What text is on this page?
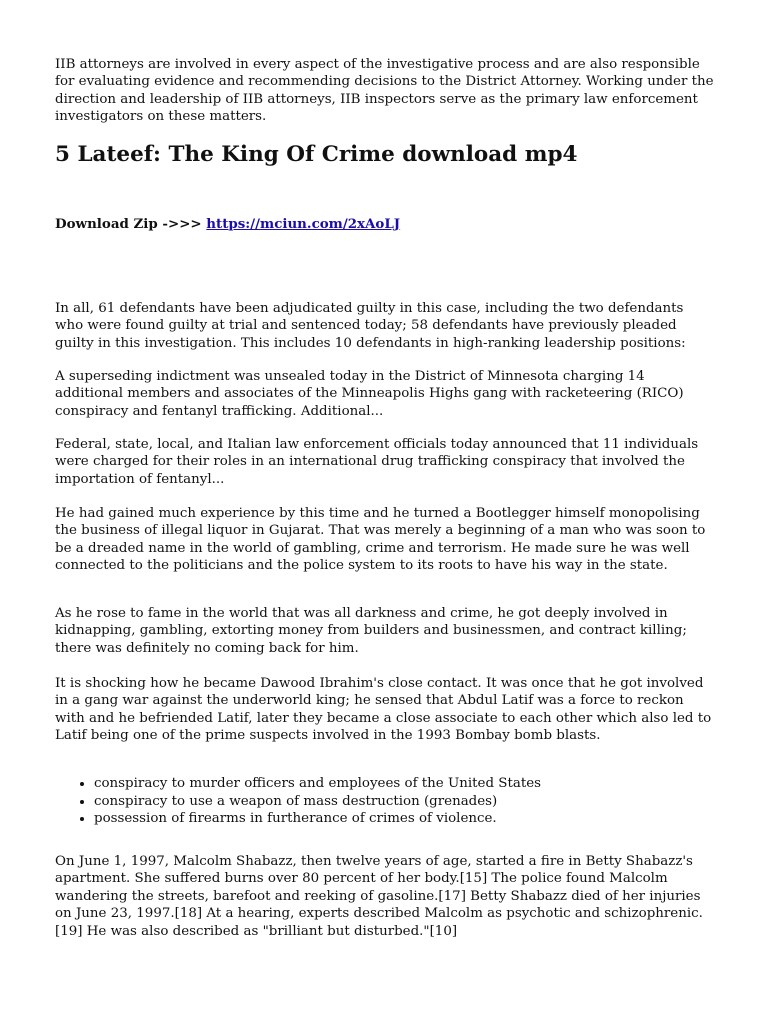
IIB attorneys are involved in every aspect of the investigative process and are also responsible for evaluating evidence and recommending decisions to the District Attorney. Working under the direction and leadership of IIB attorneys, IIB inspectors serve as the primary law enforcement investigators on these matters.

5 Lateef: The King Of Crime download mp4
Download Zip ->>> https://mciun.com/2xAoLJ

In all, 61 defendants have been adjudicated guilty in this case, including the two defendants who were found guilty at trial and sentenced today; 58 defendants have previously pleaded guilty in this investigation. This includes 10 defendants in high-ranking leadership positions:

A superseding indictment was unsealed today in the District of Minnesota charging 14 additional members and associates of the Minneapolis Highs gang with racketeering (RICO) conspiracy and fentanyl trafficking. Additional...

Federal, state, local, and Italian law enforcement officials today announced that 11 individuals were charged for their roles in an international drug trafficking conspiracy that involved the importation of fentanyl...

He had gained much experience by this time and he turned a Bootlegger himself monopolising the business of illegal liquor in Gujarat. That was merely a beginning of a man who was soon to be a dreaded name in the world of gambling, crime and terrorism. He made sure he was well connected to the politicians and the police system to its roots to have his way in the state.

As he rose to fame in the world that was all darkness and crime, he got deeply involved in kidnapping, gambling, extorting money from builders and businessmen, and contract killing; there was definitely no coming back for him.

It is shocking how he became Dawood Ibrahim's close contact. It was once that he got involved in a gang war against the underworld king; he sensed that Abdul Latif was a force to reckon with and he befriended Latif, later they became a close associate to each other which also led to Latif being one of the prime suspects involved in the 1993 Bombay bomb blasts.

• conspiracy to murder officers and employees of the United States
• conspiracy to use a weapon of mass destruction (grenades)
• possession of firearms in furtherance of crimes of violence.

On June 1, 1997, Malcolm Shabazz, then twelve years of age, started a fire in Betty Shabazz's apartment. She suffered burns over 80 percent of her body.[15] The police found Malcolm wandering the streets, barefoot and reeking of gasoline.[17] Betty Shabazz died of her injuries on June 23, 1997.[18] At a hearing, experts described Malcolm as psychotic and schizophrenic.[19] He was also described as "brilliant but disturbed."[10]
